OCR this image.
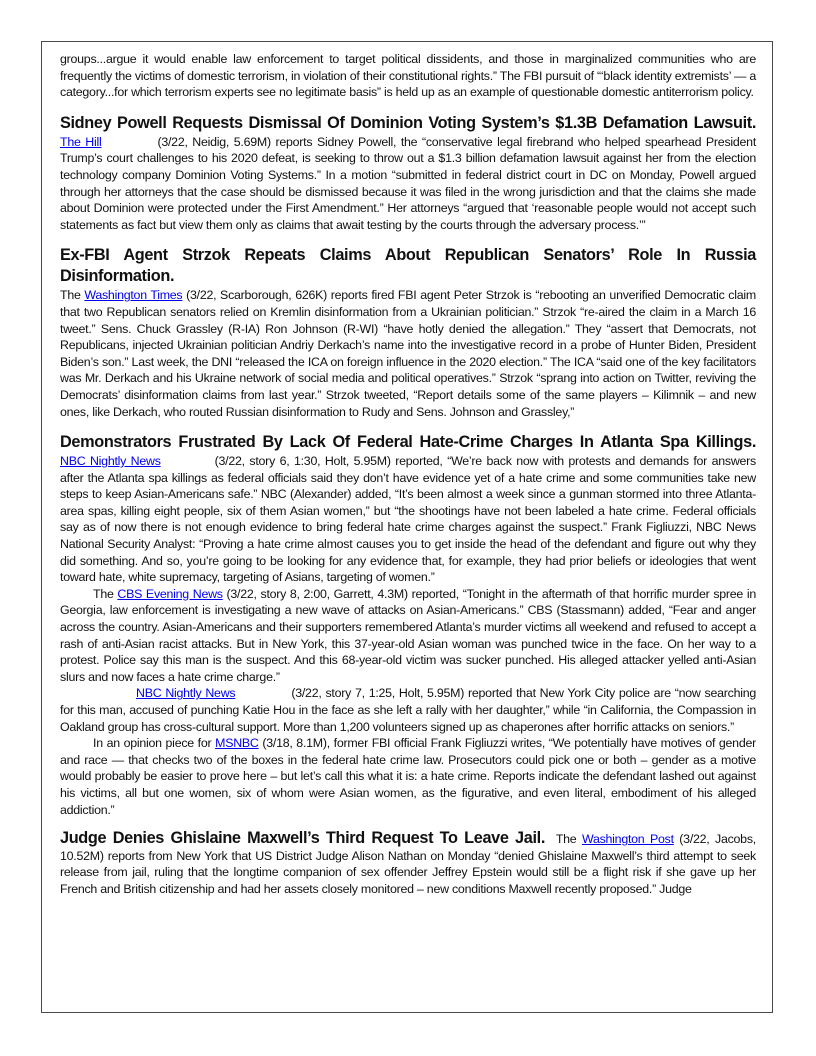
groups...argue it would enable law enforcement to target political dissidents, and those in marginalized communities who are frequently the victims of domestic terrorism, in violation of their constitutional rights.” The FBI pursuit of “‘black identity extremists’ — a category...for which terrorism experts see no legitimate basis” is held up as an example of questionable domestic antiterrorism policy.

Sidney Powell Requests Dismissal Of Dominion Voting System’s $1.3B Defamation Lawsuit.

The Hill	(3/22, Neidig, 5.69M) reports Sidney Powell, the “conservative legal firebrand who helped spearhead President Trump’s court challenges to his 2020 defeat, is seeking to throw out a $1.3 billion defamation lawsuit against her from the election technology company Dominion Voting Systems.” In a motion “submitted in federal district court in DC on Monday, Powell argued through her attorneys that the case should be dismissed because it was filed in the wrong jurisdiction and that the claims she made about Dominion were protected under the First Amendment.” Her attorneys “argued that ‘reasonable people would not accept such statements as fact but view them only as claims that await testing by the courts through the adversary process.’”

Ex-FBI Agent Strzok Repeats Claims About Republican Senators’ Role In Russia Disinformation.

The Washington Times (3/22, Scarborough, 626K) reports fired FBI agent Peter Strzok is “rebooting an unverified Democratic claim that two Republican senators relied on Kremlin disinformation from a Ukrainian politician.” Strzok “re-aired the claim in a March 16 tweet.” Sens. Chuck Grassley (R-IA) Ron Johnson (R-WI) “have hotly denied the allegation.” They “assert that Democrats, not Republicans, injected Ukrainian politician Andriy Derkach’s name into the investigative record in a probe of Hunter Biden, President Biden’s son.” Last week, the DNI “released the ICA on foreign influence in the 2020 election.” The ICA “said one of the key facilitators was Mr. Derkach and his Ukraine network of social media and political operatives.” Strzok “sprang into action on Twitter, reviving the Democrats’ disinformation claims from last year.” Strzok tweeted, “Report details some of the same players – Kilimnik – and new ones, like Derkach, who routed Russian disinformation to Rudy and Sens. Johnson and Grassley,”

Demonstrators Frustrated By Lack Of Federal Hate-Crime Charges In Atlanta Spa Killings.

NBC Nightly News	(3/22, story 6, 1:30, Holt, 5.95M) reported, “We’re back now with protests and demands for answers after the Atlanta spa killings as federal officials said they don’t have evidence yet of a hate crime and some communities take new steps to keep Asian-Americans safe.” NBC (Alexander) added, “It’s been almost a week since a gunman stormed into three Atlanta-area spas, killing eight people, six of them Asian women,” but “the shootings have not been labeled a hate crime. Federal officials say as of now there is not enough evidence to bring federal hate crime charges against the suspect.” Frank Figliuzzi, NBC News National Security Analyst: “Proving a hate crime almost causes you to get inside the head of the defendant and figure out why they did something. And so, you’re going to be looking for any evidence that, for example, they had prior beliefs or ideologies that went toward hate, white supremacy, targeting of Asians, targeting of women.”

The CBS Evening News (3/22, story 8, 2:00, Garrett, 4.3M) reported, “Tonight in the aftermath of that horrific murder spree in Georgia, law enforcement is investigating a new wave of attacks on Asian-Americans.” CBS (Stassmann) added, “Fear and anger across the country. Asian-Americans and their supporters remembered Atlanta’s murder victims all weekend and refused to accept a rash of anti-Asian racist attacks. But in New York, this 37-year-old Asian woman was punched twice in the face. On her way to a protest. Police say this man is the suspect. And this 68-year-old victim was sucker punched. His alleged attacker yelled anti-Asian slurs and now faces a hate crime charge.”

NBC Nightly News	(3/22, story 7, 1:25, Holt, 5.95M) reported that New York City police are “now searching for this man, accused of punching Katie Hou in the face as she left a rally with her daughter,” while “in California, the Compassion in Oakland group has cross-cultural support. More than 1,200 volunteers signed up as chaperones after horrific attacks on seniors.”

In an opinion piece for MSNBC (3/18, 8.1M), former FBI official Frank Figliuzzi writes, “We potentially have motives of gender and race — that checks two of the boxes in the federal hate crime law. Prosecutors could pick one or both – gender as a motive would probably be easier to prove here – but let’s call this what it is: a hate crime. Reports indicate the defendant lashed out against his victims, all but one women, six of whom were Asian women, as the figurative, and even literal, embodiment of his alleged addiction.”

Judge Denies Ghislaine Maxwell’s Third Request To Leave Jail. The Washington Post (3/22, Jacobs, 10.52M) reports from New York that US District Judge Alison Nathan on Monday “denied Ghislaine Maxwell’s third attempt to seek release from jail, ruling that the longtime companion of sex offender Jeffrey Epstein would still be a flight risk if she gave up her French and British citizenship and had her assets closely monitored – new conditions Maxwell recently proposed.” Judge
